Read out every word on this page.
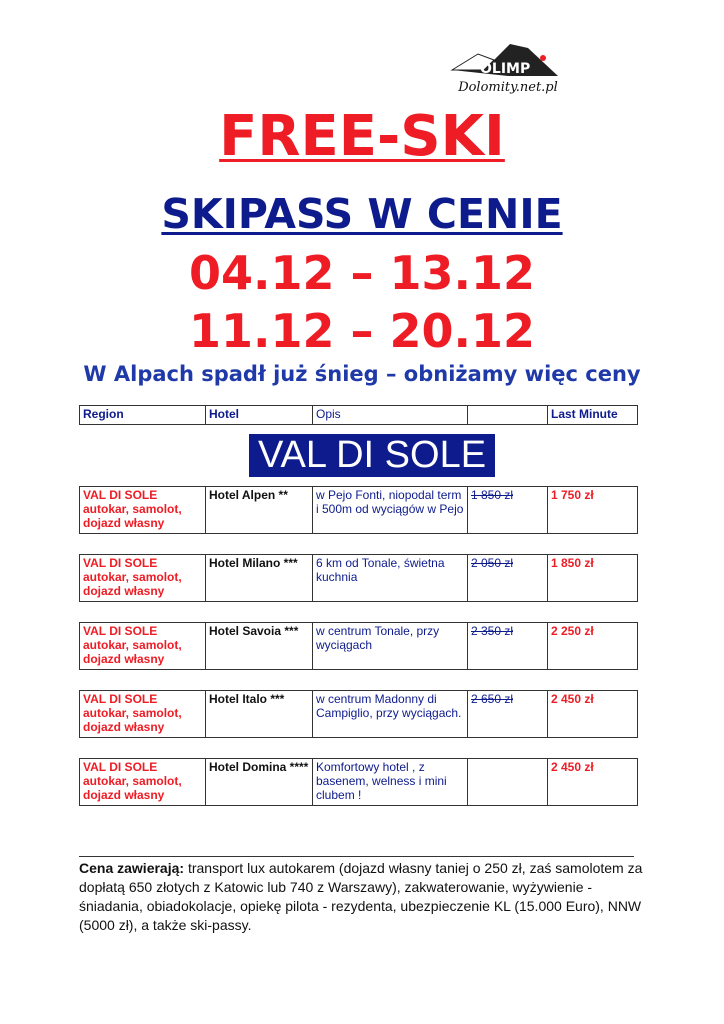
OLIMP
Dolomity.net.pl
FREE-SKI
SKIPASS W CENIE
04.12 – 13.12
11.12 – 20.12
W Alpach spadł już śnieg – obniżamy więc ceny
Region	Hotel	Opis		Last Minute
VAL DI SOLE
VAL DI SOLE autokar, samolot, dojazd własny	Hotel Alpen **	w Pejo Fonti, niopodal term i 500m od wyciągów w Pejo	1 850 zł	1 750 zł
VAL DI SOLE autokar, samolot, dojazd własny	Hotel Milano ***	6 km od Tonale, świetna kuchnia	2 050 zł	1 850 zł
VAL DI SOLE autokar, samolot, dojazd własny	Hotel Savoia ***	w centrum Tonale, przy wyciągach	2 350 zł	2 250 zł
VAL DI SOLE autokar, samolot, dojazd własny	Hotel Italo ***	w centrum Madonny di Campiglio, przy wyciągach.	2 650 zł	2 450 zł
VAL DI SOLE autokar, samolot, dojazd własny	Hotel Domina ****	Komfortowy hotel , z basenem, welness i mini clubem !		2 450 zł

Cena zawierają: transport lux autokarem (dojazd własny taniej o 250 zł, zaś samolotem za dopłatą 650 złotych z Katowic lub 740 z Warszawy), zakwaterowanie, wyżywienie - śniadania, obiadokolacje, opiekę pilota - rezydenta, ubezpieczenie KL (15.000 Euro), NNW (5000 zł), a także ski-passy.
